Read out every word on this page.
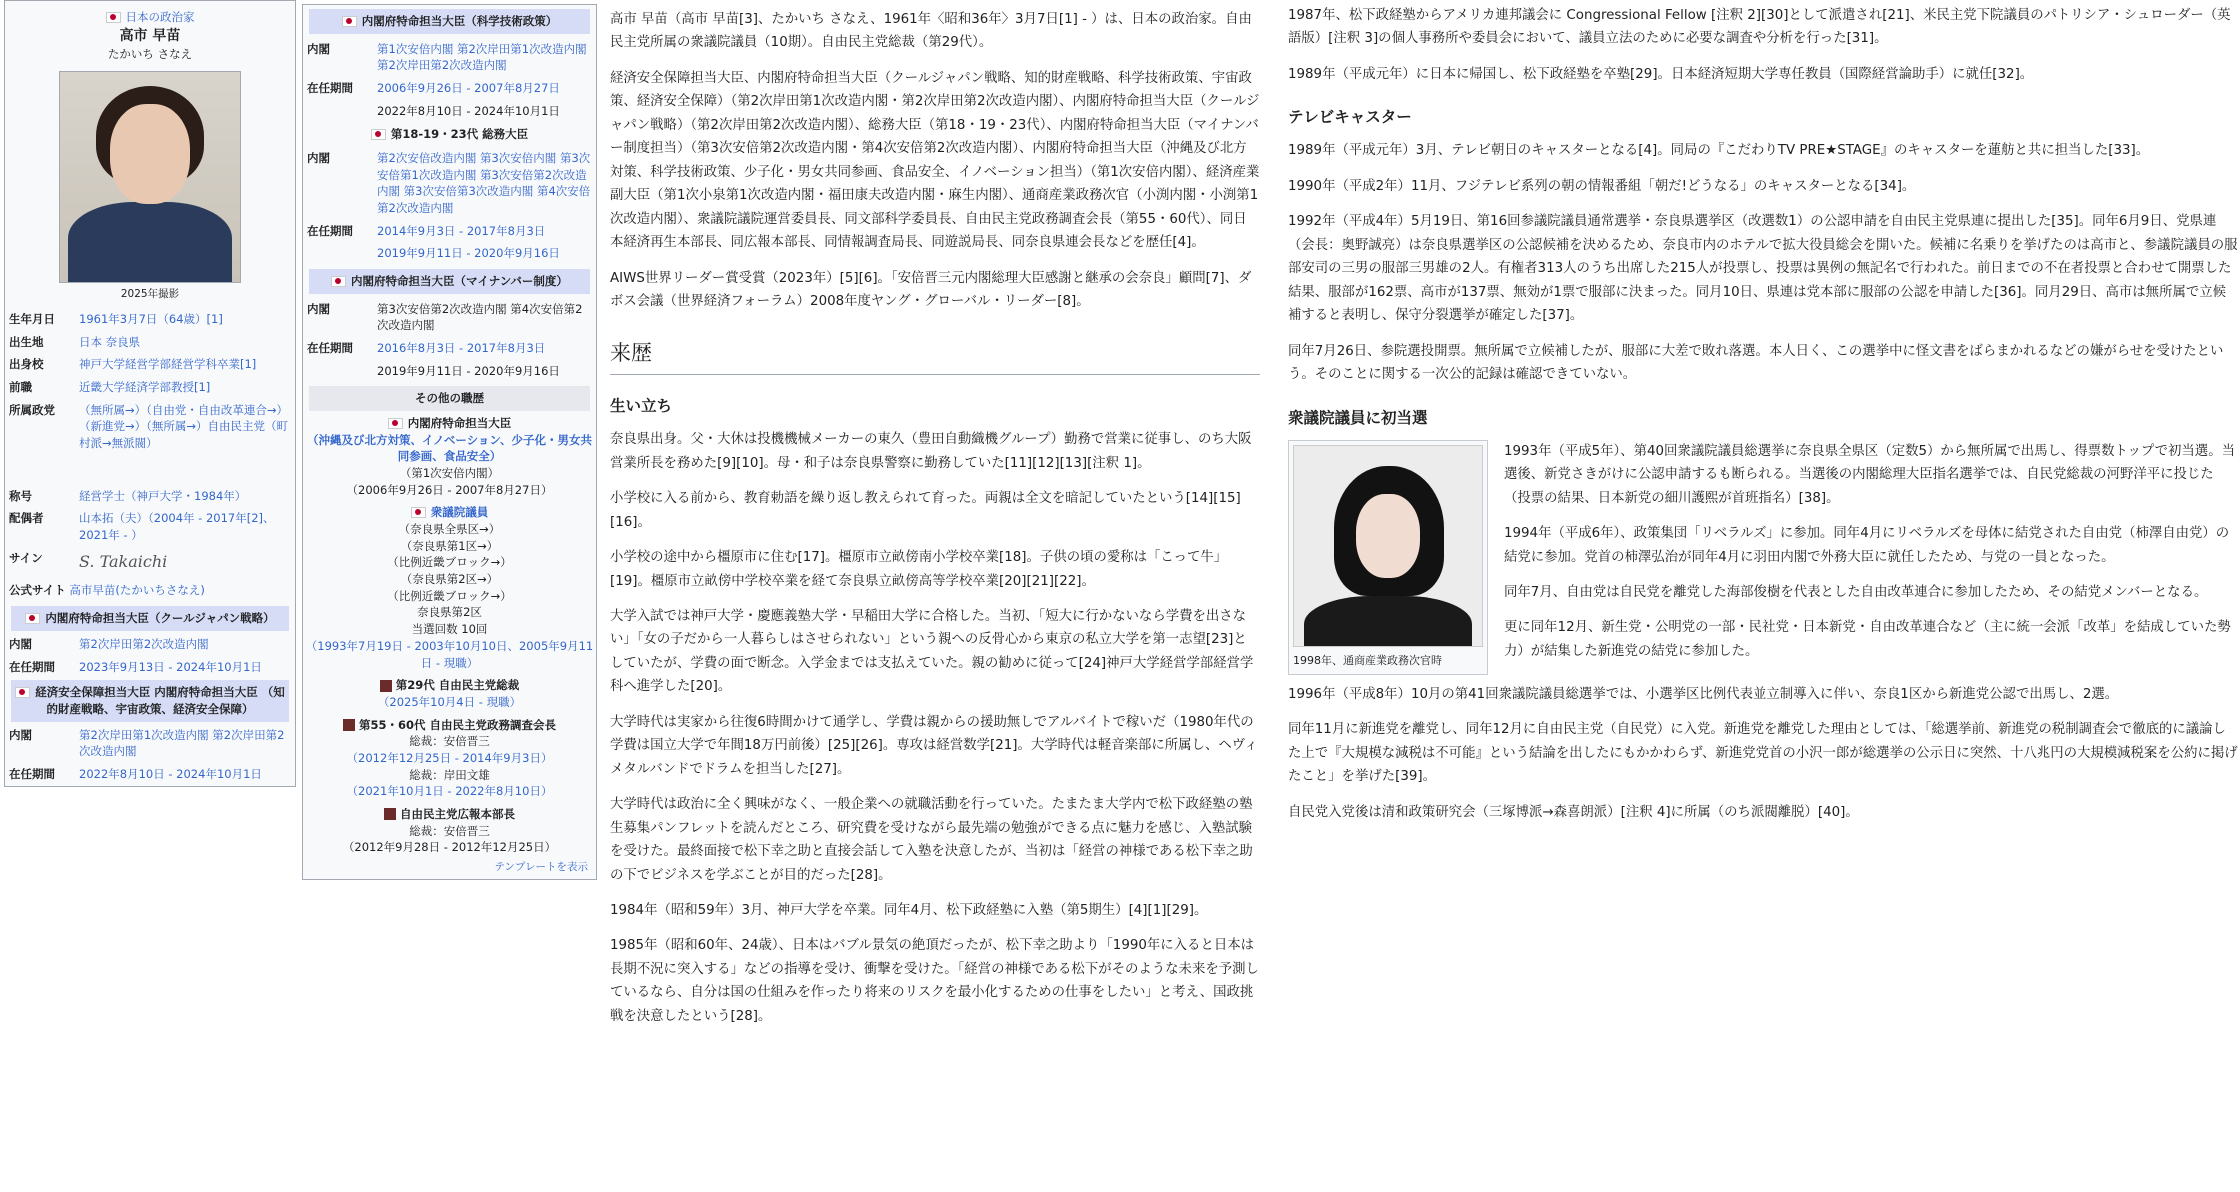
日本の政治家
高市 早苗
たかいち さなえ
2025年撮影
生年月日	1961年3月7日（64歳）[1]
出生地	日本 奈良県
出身校	神戸大学経営学部経営学科卒業[1]
前職	近畿大学経済学部教授[1]
所属政党	（無所属→）（自由党・自由改革連合→）（新進党→）（無所属→）自由民主党（町村派→無派閥）
称号	経営学士（神戸大学・1984年）
配偶者	山本拓（夫）（2004年 - 2017年[2]、2021年 - ）
サイン	S. Takaichi
公式サイト 高市早苗(たかいちさなえ)
内閣府特命担当大臣（クールジャパン戦略）
内閣	第2次岸田第2次改造内閣
在任期間	2023年9月13日 - 2024年10月1日
経済安全保障担当大臣 内閣府特命担当大臣 （知的財産戦略、宇宙政策、経済安全保障）
内閣	第2次岸田第1次改造内閣 第2次岸田第2次改造内閣
在任期間	2022年8月10日 - 2024年10月1日
内閣府特命担当大臣（科学技術政策）
内閣	第1次安倍内閣 第2次岸田第1次改造内閣 第2次岸田第2次改造内閣
在任期間	2006年9月26日 - 2007年8月27日
	2022年8月10日 - 2024年10月1日
第18-19・23代 総務大臣
内閣	第2次安倍改造内閣 第3次安倍内閣 第3次安倍第1次改造内閣 第3次安倍第2次改造内閣 第3次安倍第3次改造内閣 第4次安倍第2次改造内閣
在任期間	2014年9月3日 - 2017年8月3日
	2019年9月11日 - 2020年9月16日
内閣府特命担当大臣（マイナンバー制度）
内閣	第3次安倍第2次改造内閣 第4次安倍第2次改造内閣
在任期間	2016年8月3日 - 2017年8月3日
	2019年9月11日 - 2020年9月16日
その他の職歴
内閣府特命担当大臣
（沖縄及び北方対策、イノベーション、少子化・男女共同参画、食品安全）
（第1次安倍内閣）
（2006年9月26日 - 2007年8月27日）
衆議院議員
（奈良県全県区→）
（奈良県第1区→）
（比例近畿ブロック→）
（奈良県第2区→）
（比例近畿ブロック→）
奈良県第2区
当選回数 10回
（1993年7月19日 - 2003年10月10日、2005年9月11日 - 現職）
第29代 自由民主党総裁
（2025年10月4日 - 現職）
第55・60代 自由民主党政務調査会長
総裁：安倍晋三
（2012年12月25日 - 2014年9月3日）
総裁：岸田文雄
（2021年10月1日 - 2022年8月10日）
自由民主党広報本部長
総裁：安倍晋三
（2012年9月28日 - 2012年12月25日）
テンプレートを表示

高市 早苗（高市 早苗[3]、たかいち さなえ、1961年〈昭和36年〉3月7日[1] - ）は、日本の政治家。自由民主党所属の衆議院議員（10期）。自由民主党総裁（第29代）。

経済安全保障担当大臣、内閣府特命担当大臣（クールジャパン戦略、知的財産戦略、科学技術政策、宇宙政策、経済安全保障）（第2次岸田第1次改造内閣・第2次岸田第2次改造内閣）、内閣府特命担当大臣（クールジャパン戦略）（第2次岸田第2次改造内閣）、総務大臣（第18・19・23代）、内閣府特命担当大臣（マイナンバー制度担当）（第3次安倍第2次改造内閣・第4次安倍第2次改造内閣）、内閣府特命担当大臣（沖縄及び北方対策、科学技術政策、少子化・男女共同参画、食品安全、イノベーション担当）（第1次安倍内閣）、経済産業副大臣（第1次小泉第1次改造内閣・福田康夫改造内閣・麻生内閣）、通商産業政務次官（小渕内閣・小渕第1次改造内閣）、衆議院議院運営委員長、同文部科学委員長、自由民主党政務調査会長（第55・60代）、同日本経済再生本部長、同広報本部長、同情報調査局長、同遊説局長、同奈良県連会長などを歴任[4]。

AIWS世界リーダー賞受賞（2023年）[5][6]。「安倍晋三元内閣総理大臣感謝と継承の会奈良」顧問[7]、ダボス会議（世界経済フォーラム）2008年度ヤング・グローバル・リーダー[8]。

来歴
生い立ち

奈良県出身。父・大休は投機機械メーカーの東久（豊田自動織機グループ）勤務で営業に従事し、のち大阪営業所長を務めた[9][10]。母・和子は奈良県警察に勤務していた[11][12][13][注釈 1]。

小学校に入る前から、教育勅語を繰り返し教えられて育った。両親は全文を暗記していたという[14][15][16]。

小学校の途中から橿原市に住む[17]。橿原市立畝傍南小学校卒業[18]。子供の頃の愛称は「こって牛」[19]。橿原市立畝傍中学校卒業を経て奈良県立畝傍高等学校卒業[20][21][22]。

大学入試では神戸大学・慶應義塾大学・早稲田大学に合格した。当初、「短大に行かないなら学費を出さない」「女の子だから一人暮らしはさせられない」という親への反骨心から東京の私立大学を第一志望[23]としていたが、学費の面で断念。入学金までは支払えていた。親の勧めに従って[24]神戸大学経営学部経営学科へ進学した[20]。

大学時代は実家から往復6時間かけて通学し、学費は親からの援助無しでアルバイトで稼いだ（1980年代の学費は国立大学で年間18万円前後）[25][26]。専攻は経営数学[21]。大学時代は軽音楽部に所属し、ヘヴィメタルバンドでドラムを担当した[27]。

大学時代は政治に全く興味がなく、一般企業への就職活動を行っていた。たまたま大学内で松下政経塾の塾生募集パンフレットを読んだところ、研究費を受けながら最先端の勉強ができる点に魅力を感じ、入塾試験を受けた。最終面接で松下幸之助と直接会話して入塾を決意したが、当初は「経営の神様である松下幸之助の下でビジネスを学ぶことが目的だった[28]。

1984年（昭和59年）3月、神戸大学を卒業。同年4月、松下政経塾に入塾（第5期生）[4][1][29]。

1985年（昭和60年、24歳）、日本はバブル景気の絶頂だったが、松下幸之助より「1990年に入ると日本は長期不況に突入する」などの指導を受け、衝撃を受けた。「経営の神様である松下がそのような未来を予測しているなら、自分は国の仕組みを作ったり将来のリスクを最小化するための仕事をしたい」と考え、国政挑戦を決意したという[28]。

1987年、松下政経塾からアメリカ連邦議会に Congressional Fellow [注釈 2][30]として派遣され[21]、米民主党下院議員のパトリシア・シュローダー（英語版）[注釈 3]の個人事務所や委員会において、議員立法のために必要な調査や分析を行った[31]。

1989年（平成元年）に日本に帰国し、松下政経塾を卒塾[29]。日本経済短期大学専任教員（国際経営論助手）に就任[32]。

テレビキャスター

1989年（平成元年）3月、テレビ朝日のキャスターとなる[4]。同局の『こだわりTV PRE★STAGE』のキャスターを蓮舫と共に担当した[33]。

1990年（平成2年）11月、フジテレビ系列の朝の情報番組「朝だ!どうなる」のキャスターとなる[34]。

1992年（平成4年）5月19日、第16回参議院議員通常選挙・奈良県選挙区（改選数1）の公認申請を自由民主党県連に提出した[35]。同年6月9日、党県連（会長：奥野誠亮）は奈良県選挙区の公認候補を決めるため、奈良市内のホテルで拡大役員総会を開いた。候補に名乗りを挙げたのは高市と、参議院議員の服部安司の三男の服部三男雄の2人。有権者313人のうち出席した215人が投票し、投票は異例の無記名で行われた。前日までの不在者投票と合わせて開票した結果、服部が162票、高市が137票、無効が1票で服部に決まった。同月10日、県連は党本部に服部の公認を申請した[36]。同月29日、高市は無所属で立候補すると表明し、保守分裂選挙が確定した[37]。

同年7月26日、参院選投開票。無所属で立候補したが、服部に大差で敗れ落選。本人日く、この選挙中に怪文書をばらまかれるなどの嫌がらせを受けたという。そのことに関する一次公的記録は確認できていない。

衆議院議員に初当選
1998年、通商産業政務次官時

1993年（平成5年）、第40回衆議院議員総選挙に奈良県全県区（定数5）から無所属で出馬し、得票数トップで初当選。当選後、新党さきがけに公認申請するも断られる。当選後の内閣総理大臣指名選挙では、自民党総裁の河野洋平に投じた（投票の結果、日本新党の細川護熙が首班指名）[38]。

1994年（平成6年）、政策集団「リベラルズ」に参加。同年4月にリベラルズを母体に結党された自由党（柿澤自由党）の結党に参加。党首の柿澤弘治が同年4月に羽田内閣で外務大臣に就任したため、与党の一員となった。

同年7月、自由党は自民党を離党した海部俊樹を代表とした自由改革連合に参加したため、その結党メンバーとなる。

更に同年12月、新生党・公明党の一部・民社党・日本新党・自由改革連合など（主に統一会派「改革」を結成していた勢力）が結集した新進党の結党に参加した。

1996年（平成8年）10月の第41回衆議院議員総選挙では、小選挙区比例代表並立制導入に伴い、奈良1区から新進党公認で出馬し、2選。

同年11月に新進党を離党し、同年12月に自由民主党（自民党）に入党。新進党を離党した理由としては、「総選挙前、新進党の税制調査会で徹底的に議論した上で『大規模な減税は不可能』という結論を出したにもかかわらず、新進党党首の小沢一郎が総選挙の公示日に突然、十八兆円の大規模減税案を公約に掲げたこと」を挙げた[39]。

自民党入党後は清和政策研究会（三塚博派→森喜朗派）[注釈 4]に所属（のち派閥離脱）[40]。
